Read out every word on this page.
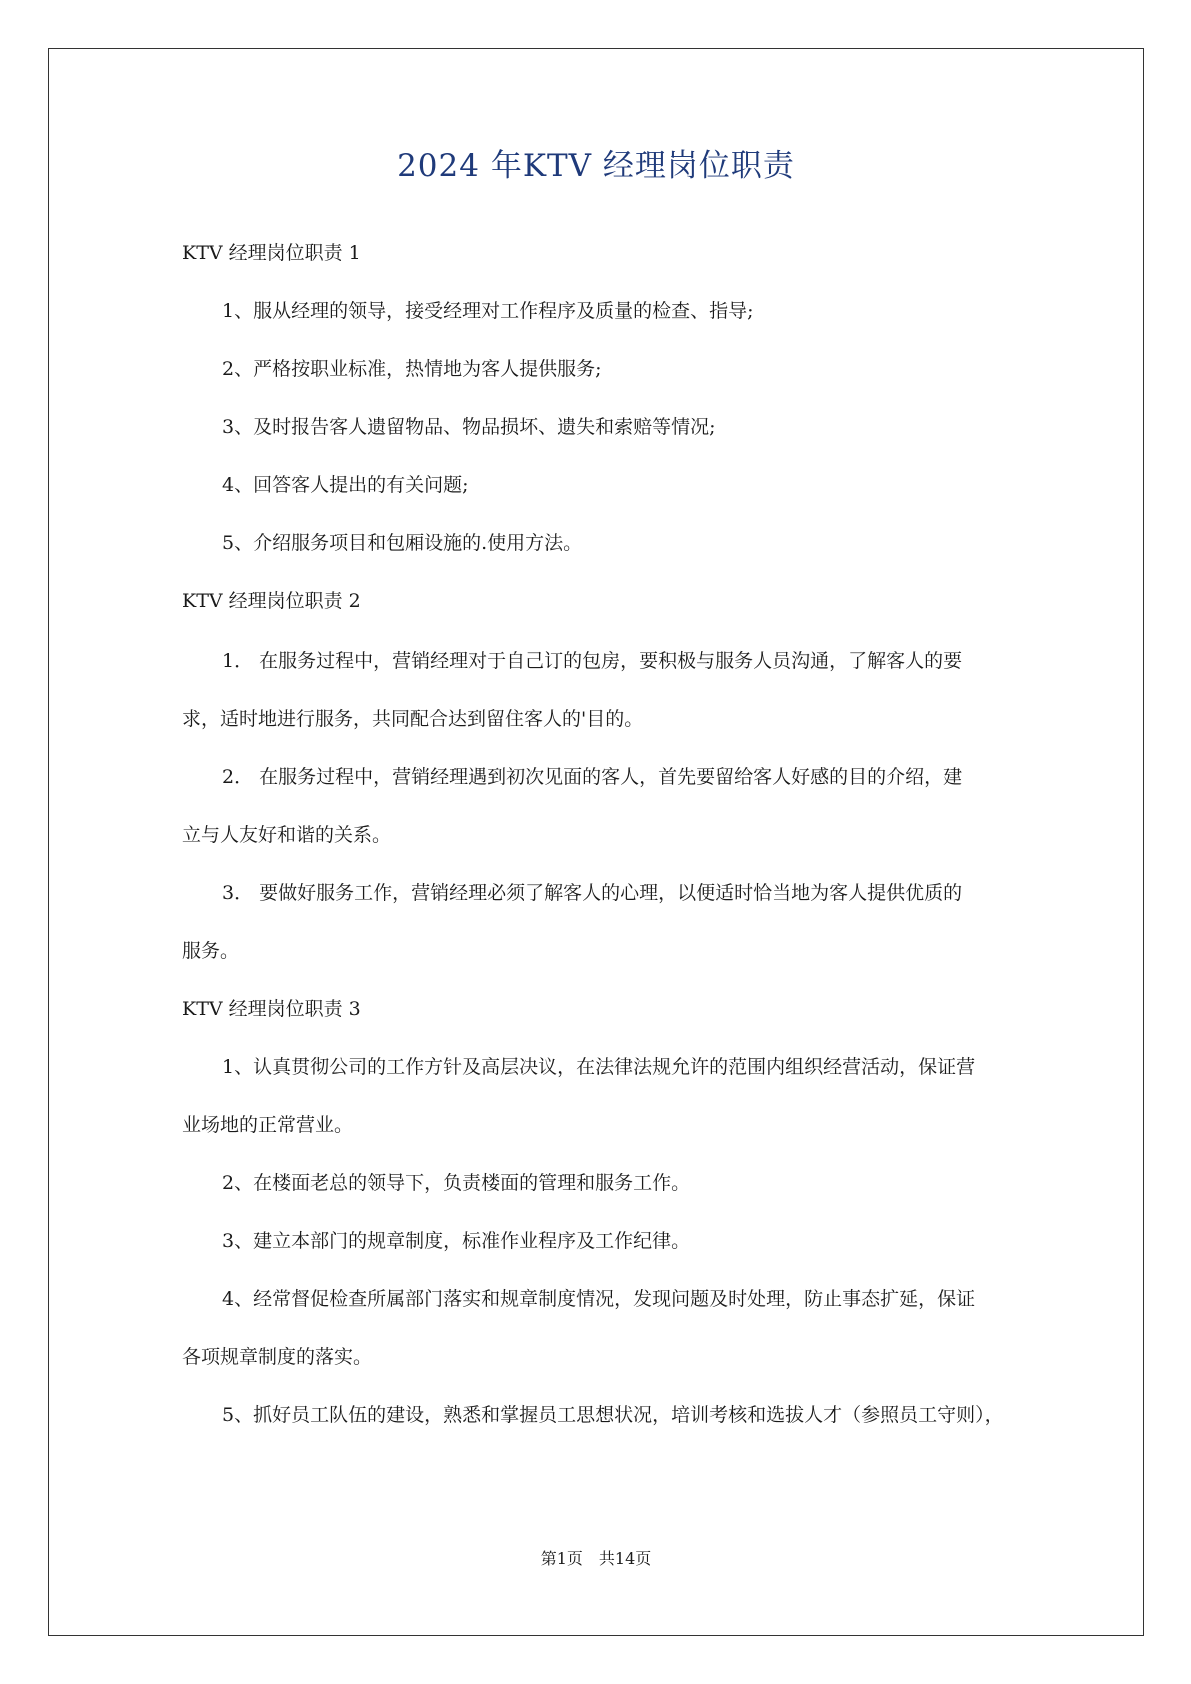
2024 年KTV 经理岗位职责
KTV 经理岗位职责 1
1、服从经理的领导，接受经理对工作程序及质量的检查、指导;
2、严格按职业标准，热情地为客人提供服务;
3、及时报告客人遗留物品、物品损坏、遗失和索赔等情况;
4、回答客人提出的有关问题;
5、介绍服务项目和包厢设施的.使用方法。
KTV 经理岗位职责 2
1． 在服务过程中，营销经理对于自己订的包房，要积极与服务人员沟通，了解客人的要
求，适时地进行服务，共同配合达到留住客人的'目的。
2． 在服务过程中，营销经理遇到初次见面的客人，首先要留给客人好感的目的介绍，建
立与人友好和谐的关系。
3． 要做好服务工作，营销经理必须了解客人的心理，以便适时恰当地为客人提供优质的
服务。
KTV 经理岗位职责 3
1、认真贯彻公司的工作方针及高层决议，在法律法规允许的范围内组织经营活动，保证营
业场地的正常营业。
2、在楼面老总的领导下，负责楼面的管理和服务工作。
3、建立本部门的规章制度，标准作业程序及工作纪律。
4、经常督促检查所属部门落实和规章制度情况，发现问题及时处理，防止事态扩延，保证
各项规章制度的落实。
5、抓好员工队伍的建设，熟悉和掌握员工思想状况，培训考核和选拔人才（参照员工守则），
第1页 共14页
